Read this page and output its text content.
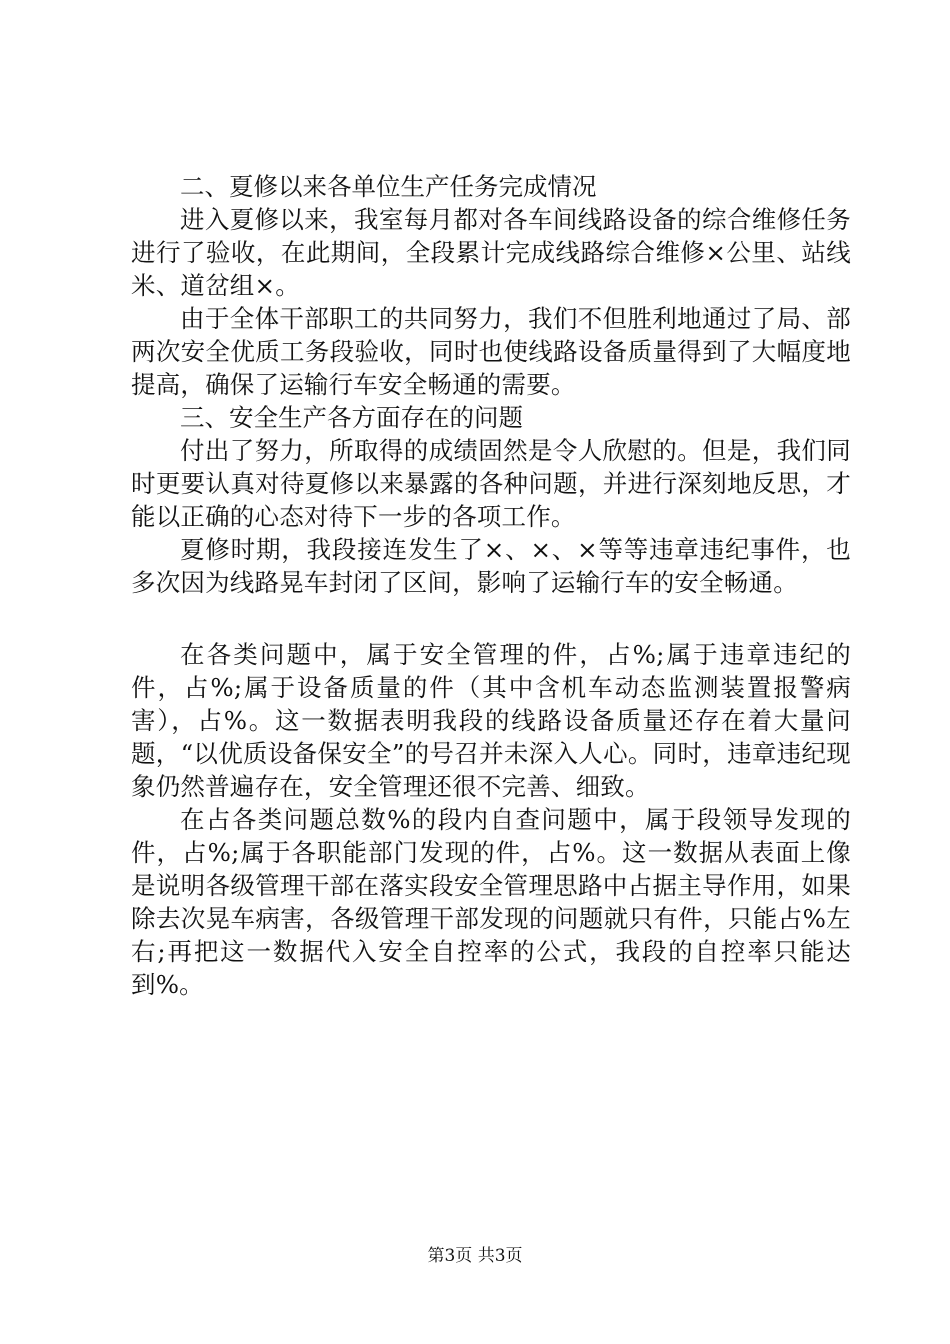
二、夏修以来各单位生产任务完成情况

进入夏修以来，我室每月都对各车间线路设备的综合维修任务进行了验收，在此期间，全段累计完成线路综合维修×公里、站线米、道岔组×。

由于全体干部职工的共同努力，我们不但胜利地通过了局、部两次安全优质工务段验收，同时也使线路设备质量得到了大幅度地提高，确保了运输行车安全畅通的需要。

三、安全生产各方面存在的问题

付出了努力，所取得的成绩固然是令人欣慰的。但是，我们同时更要认真对待夏修以来暴露的各种问题，并进行深刻地反思，才能以正确的心态对待下一步的各项工作。

夏修时期，我段接连发生了×、×、×等等违章违纪事件，也多次因为线路晃车封闭了区间，影响了运输行车的安全畅通。

在各类问题中，属于安全管理的件，占%;属于违章违纪的件，占%;属于设备质量的件（其中含机车动态监测装置报警病害），占%。这一数据表明我段的线路设备质量还存在着大量问题，“以优质设备保安全”的号召并未深入人心。同时，违章违纪现象仍然普遍存在，安全管理还很不完善、细致。

在占各类问题总数%的段内自查问题中，属于段领导发现的件，占%;属于各职能部门发现的件，占%。这一数据从表面上像是说明各级管理干部在落实段安全管理思路中占据主导作用，如果除去次晃车病害，各级管理干部发现的问题就只有件，只能占%左右;再把这一数据代入安全自控率的公式，我段的自控率只能达到%。

第3页 共3页
